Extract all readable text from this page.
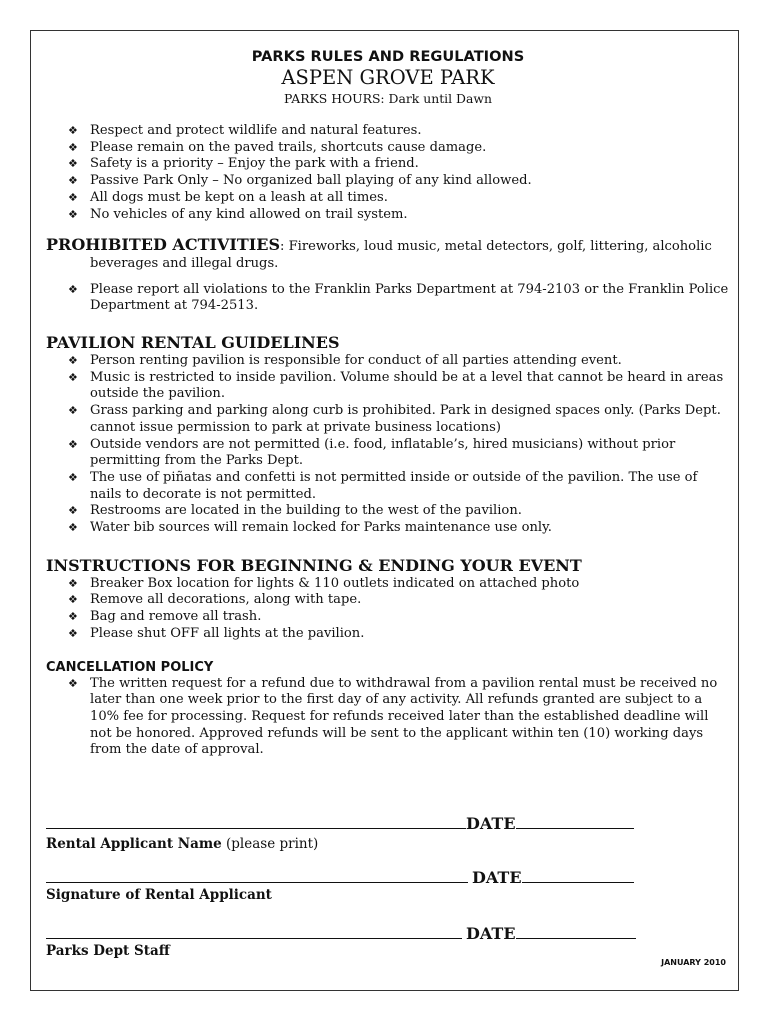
PARKS RULES AND REGULATIONS
ASPEN GROVE PARK
PARKS HOURS: Dark until Dawn
❖ Respect and protect wildlife and natural features.
❖ Please remain on the paved trails, shortcuts cause damage.
❖ Safety is a priority – Enjoy the park with a friend.
❖ Passive Park Only – No organized ball playing of any kind allowed.
❖ All dogs must be kept on a leash at all times.
❖ No vehicles of any kind allowed on trail system.
PROHIBITED ACTIVITIES: Fireworks, loud music, metal detectors, golf, littering, alcoholic beverages and illegal drugs.
❖ Please report all violations to the Franklin Parks Department at 794-2103 or the Franklin Police Department at 794-2513.
PAVILION RENTAL GUIDELINES
❖ Person renting pavilion is responsible for conduct of all parties attending event.
❖ Music is restricted to inside pavilion. Volume should be at a level that cannot be heard in areas outside the pavilion.
❖ Grass parking and parking along curb is prohibited. Park in designed spaces only. (Parks Dept. cannot issue permission to park at private business locations)
❖ Outside vendors are not permitted (i.e. food, inflatable’s, hired musicians) without prior permitting from the Parks Dept.
❖ The use of piñatas and confetti is not permitted inside or outside of the pavilion. The use of nails to decorate is not permitted.
❖ Restrooms are located in the building to the west of the pavilion.
❖ Water bib sources will remain locked for Parks maintenance use only.
INSTRUCTIONS FOR BEGINNING & ENDING YOUR EVENT
❖ Breaker Box location for lights & 110 outlets indicated on attached photo
❖ Remove all decorations, along with tape.
❖ Bag and remove all trash.
❖ Please shut OFF all lights at the pavilion.
CANCELLATION POLICY
❖ The written request for a refund due to withdrawal from a pavilion rental must be received no later than one week prior to the first day of any activity. All refunds granted are subject to a 10% fee for processing. Request for refunds received later than the established deadline will not be honored. Approved refunds will be sent to the applicant within ten (10) working days from the date of approval.
DATE
Rental Applicant Name (please print)
DATE
Signature of Rental Applicant
DATE
Parks Dept Staff
JANUARY 2010
